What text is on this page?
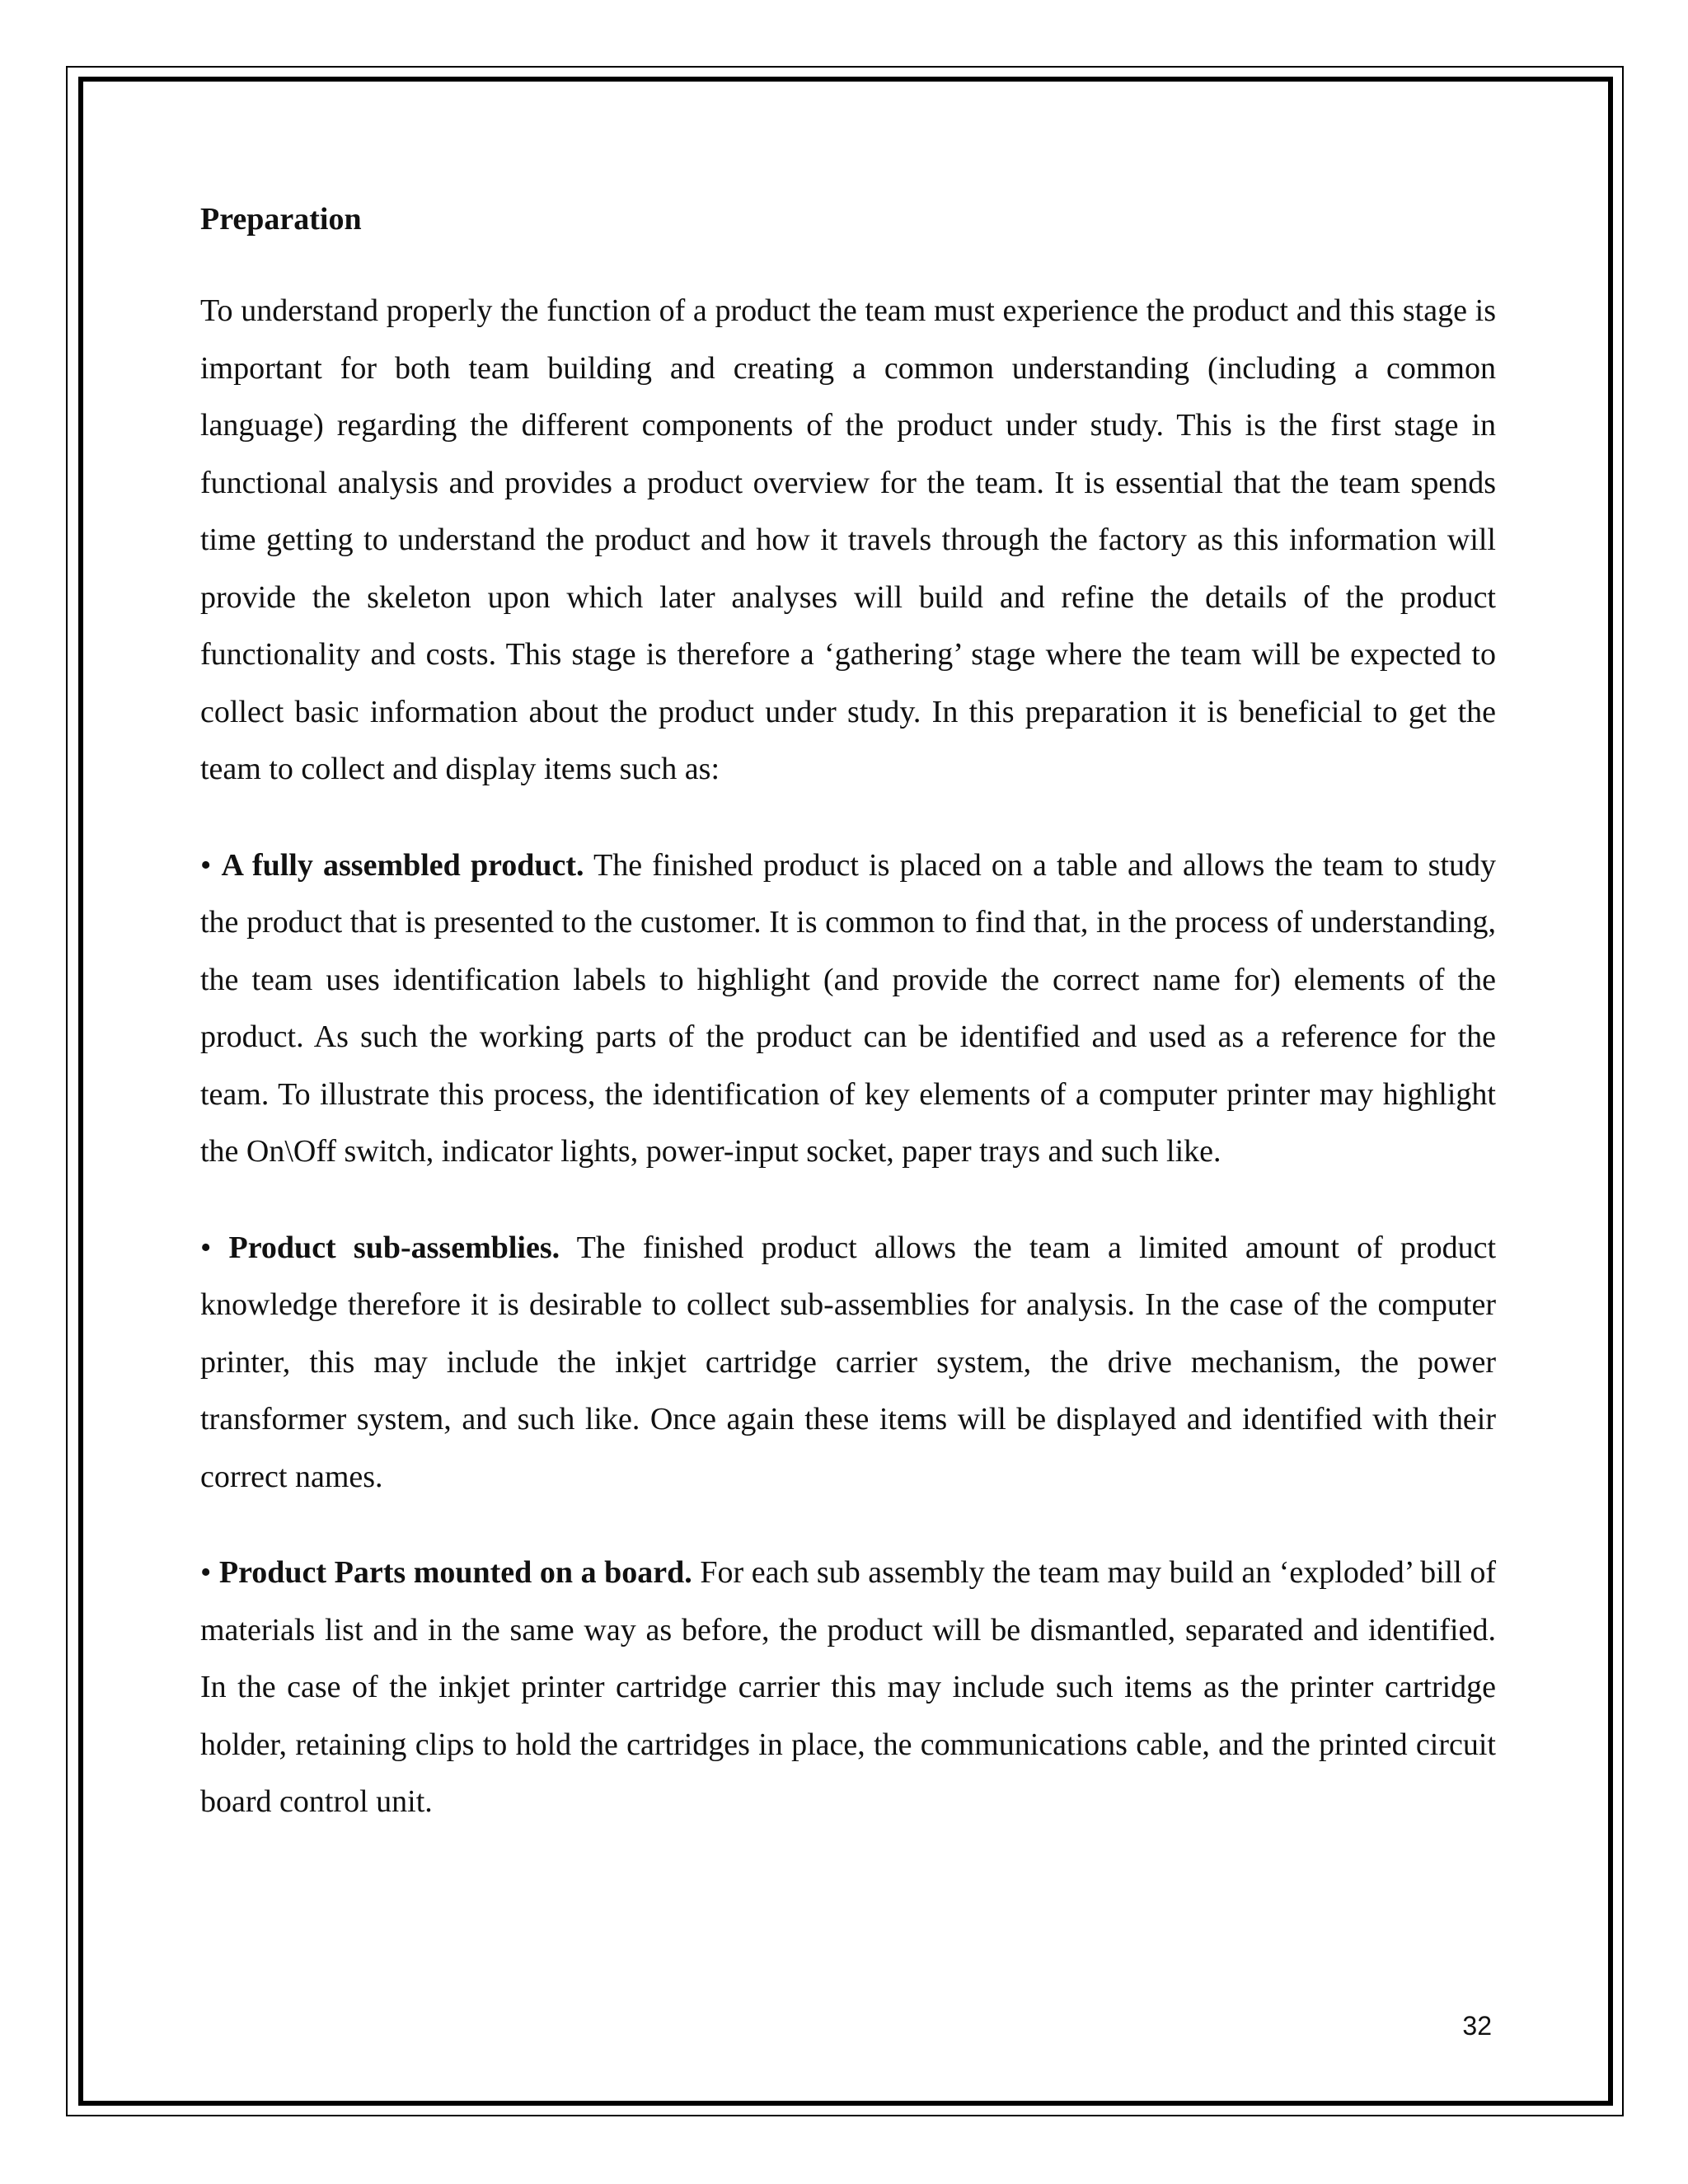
Preparation

To understand properly the function of a product the team must experience the product and this stage is important for both team building and creating a common understanding (including a common language) regarding the different components of the product under study. This is the first stage in functional analysis and provides a product overview for the team. It is essential that the team spends time getting to understand the product and how it travels through the factory as this information will provide the skeleton upon which later analyses will build and refine the details of the product functionality and costs. This stage is therefore a ‘gathering’ stage where the team will be expected to collect basic information about the product under study. In this preparation it is beneficial to get the team to collect and display items such as:

• A fully assembled product. The finished product is placed on a table and allows the team to study the product that is presented to the customer. It is common to find that, in the process of understanding, the team uses identification labels to highlight (and provide the correct name for) elements of the product. As such the working parts of the product can be identified and used as a reference for the team. To illustrate this process, the identification of key elements of a computer printer may highlight the On\Off switch, indicator lights, power-input socket, paper trays and such like.

• Product sub-assemblies. The finished product allows the team a limited amount of product knowledge therefore it is desirable to collect sub-assemblies for analysis. In the case of the computer printer, this may include the inkjet cartridge carrier system, the drive mechanism, the power transformer system, and such like. Once again these items will be displayed and identified with their correct names.

• Product Parts mounted on a board. For each sub assembly the team may build an ‘exploded’ bill of materials list and in the same way as before, the product will be dismantled, separated and identified. In the case of the inkjet printer cartridge carrier this may include such items as the printer cartridge holder, retaining clips to hold the cartridges in place, the communications cable, and the printed circuit board control unit.

32
